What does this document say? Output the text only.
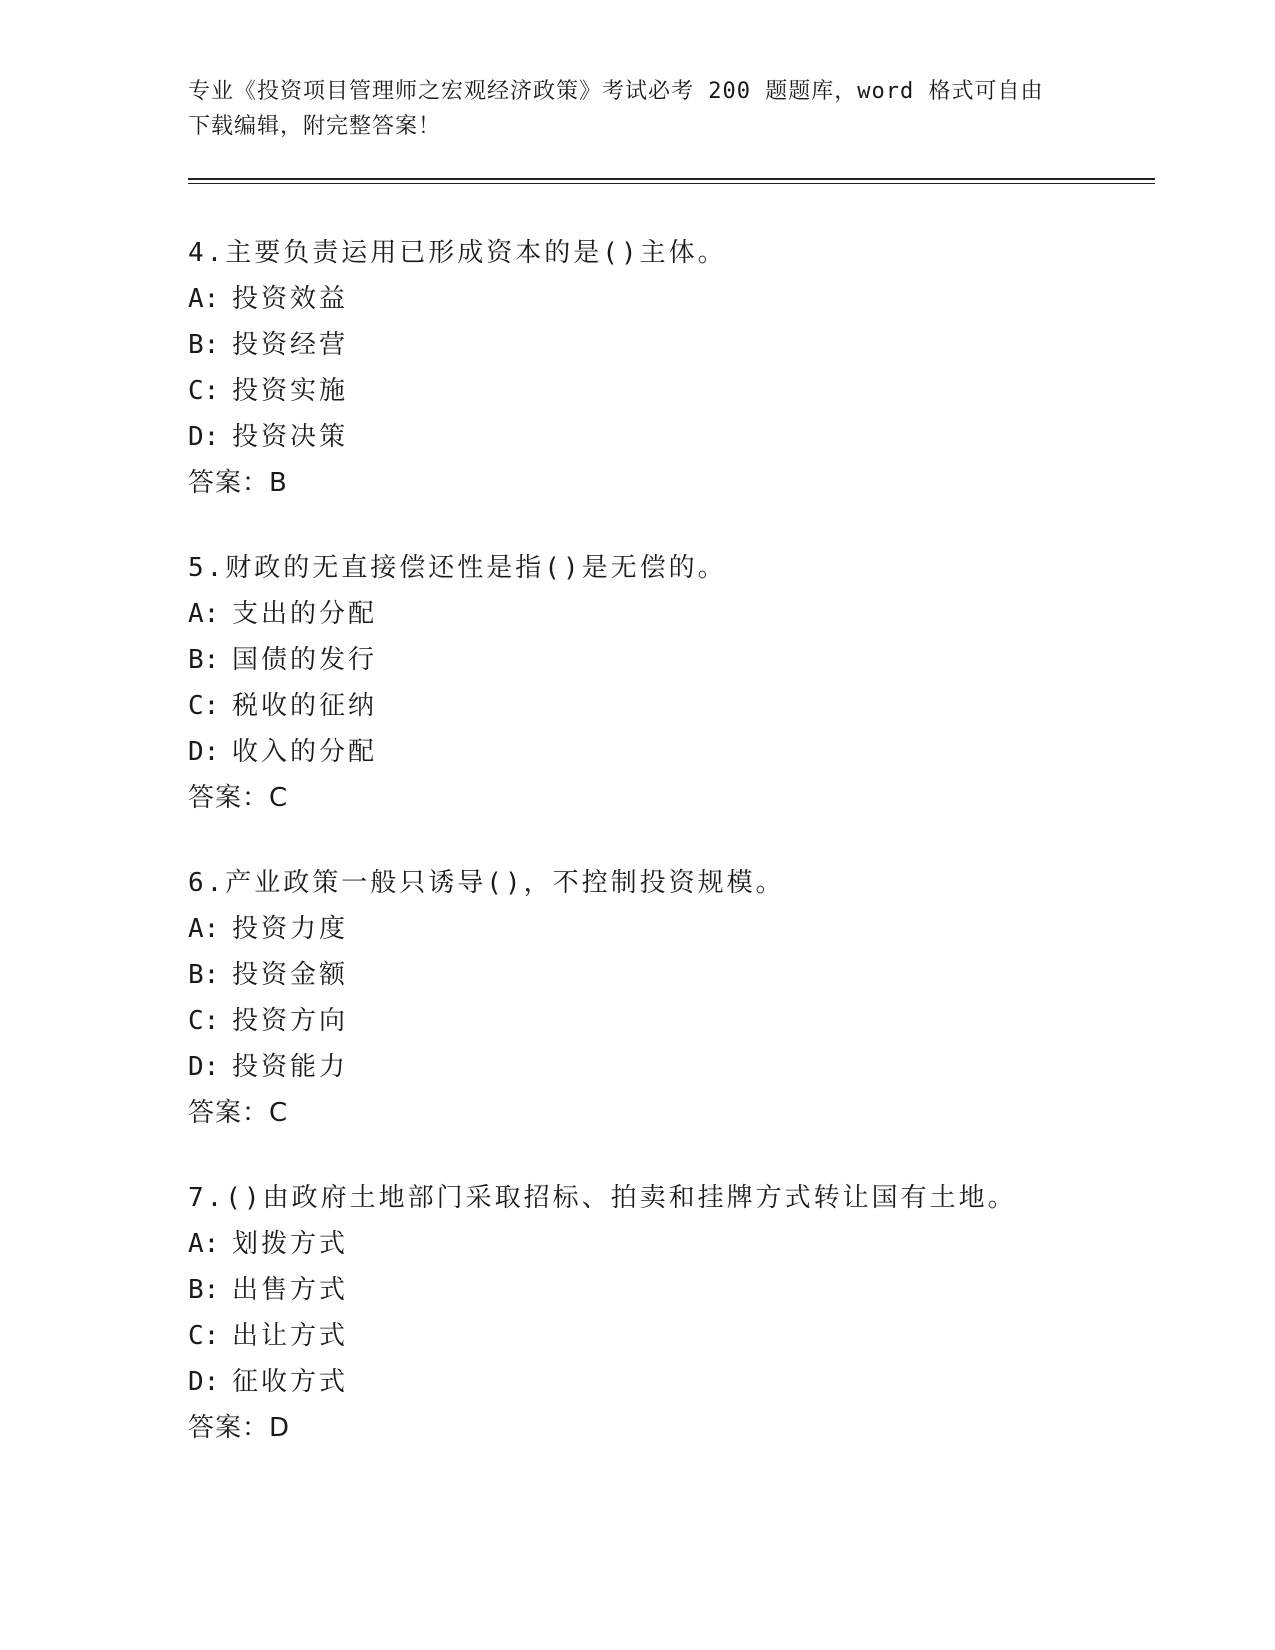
专业《投资项目管理师之宏观经济政策》考试必考 200 题题库，word 格式可自由
下载编辑，附完整答案！
4.主要负责运用已形成资本的是()主体。
A: 投资效益
B: 投资经营
C: 投资实施
D: 投资决策
答案：B
5.财政的无直接偿还性是指()是无偿的。
A: 支出的分配
B: 国债的发行
C: 税收的征纳
D: 收入的分配
答案：C
6.产业政策一般只诱导()，不控制投资规模。
A: 投资力度
B: 投资金额
C: 投资方向
D: 投资能力
答案：C
7.()由政府土地部门采取招标、拍卖和挂牌方式转让国有土地。
A: 划拨方式
B: 出售方式
C: 出让方式
D: 征收方式
答案：D
